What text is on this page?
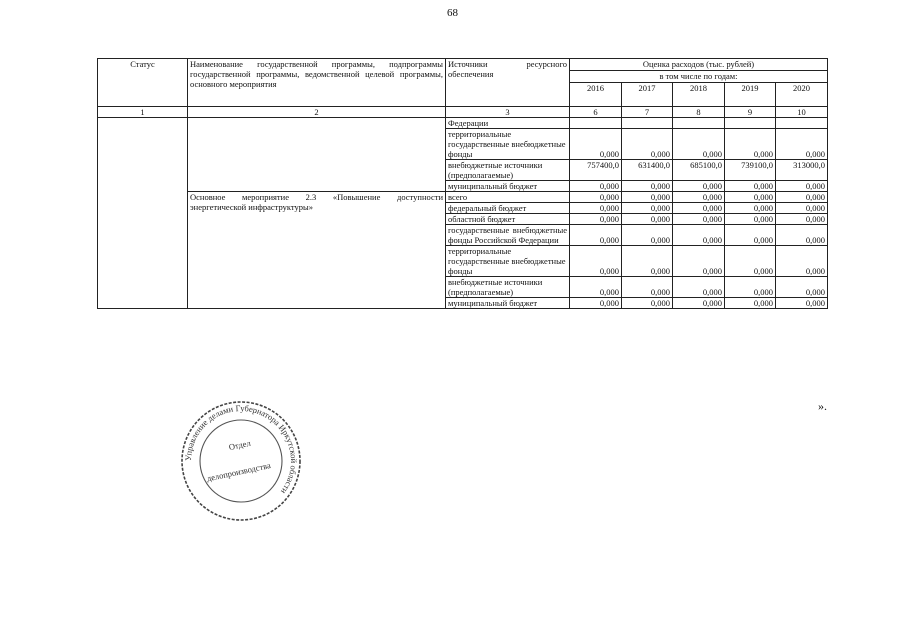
68
Статус	Наименование государственной программы, подпрограммы государственной программы, ведомственной целевой программы, основного мероприятия	Источники ресурсного обеспечения	Оценка расходов (тыс. рублей)				
			в том числе по годам:				
			2016	2017	2018	2019	2020
1	2	3	6	7	8	9	10
		Федерации					
		территориальные государственные внебюджетные фонды	0,000	0,000	0,000	0,000	0,000
		внебюджетные источники (предполагаемые)	757400,0	631400,0	685100,0	739100,0	313000,0
		муниципальный бюджет	0,000	0,000	0,000	0,000	0,000
	Основное мероприятие 2.3 «Повышение доступности энергетической инфраструктуры»	всего	0,000	0,000	0,000	0,000	0,000
		федеральный бюджет	0,000	0,000	0,000	0,000	0,000
		областной бюджет	0,000	0,000	0,000	0,000	0,000
		государственные внебюджетные фонды Российской Федерации	0,000	0,000	0,000	0,000	0,000
		территориальные государственные внебюджетные фонды	0,000	0,000	0,000	0,000	0,000
		внебюджетные источники (предполагаемые)	0,000	0,000	0,000	0,000	0,000
		муниципальный бюджет	0,000	0,000	0,000	0,000	0,000
».
Управление делами Губернатора Иркутской области
Отдел
делопроизводства
